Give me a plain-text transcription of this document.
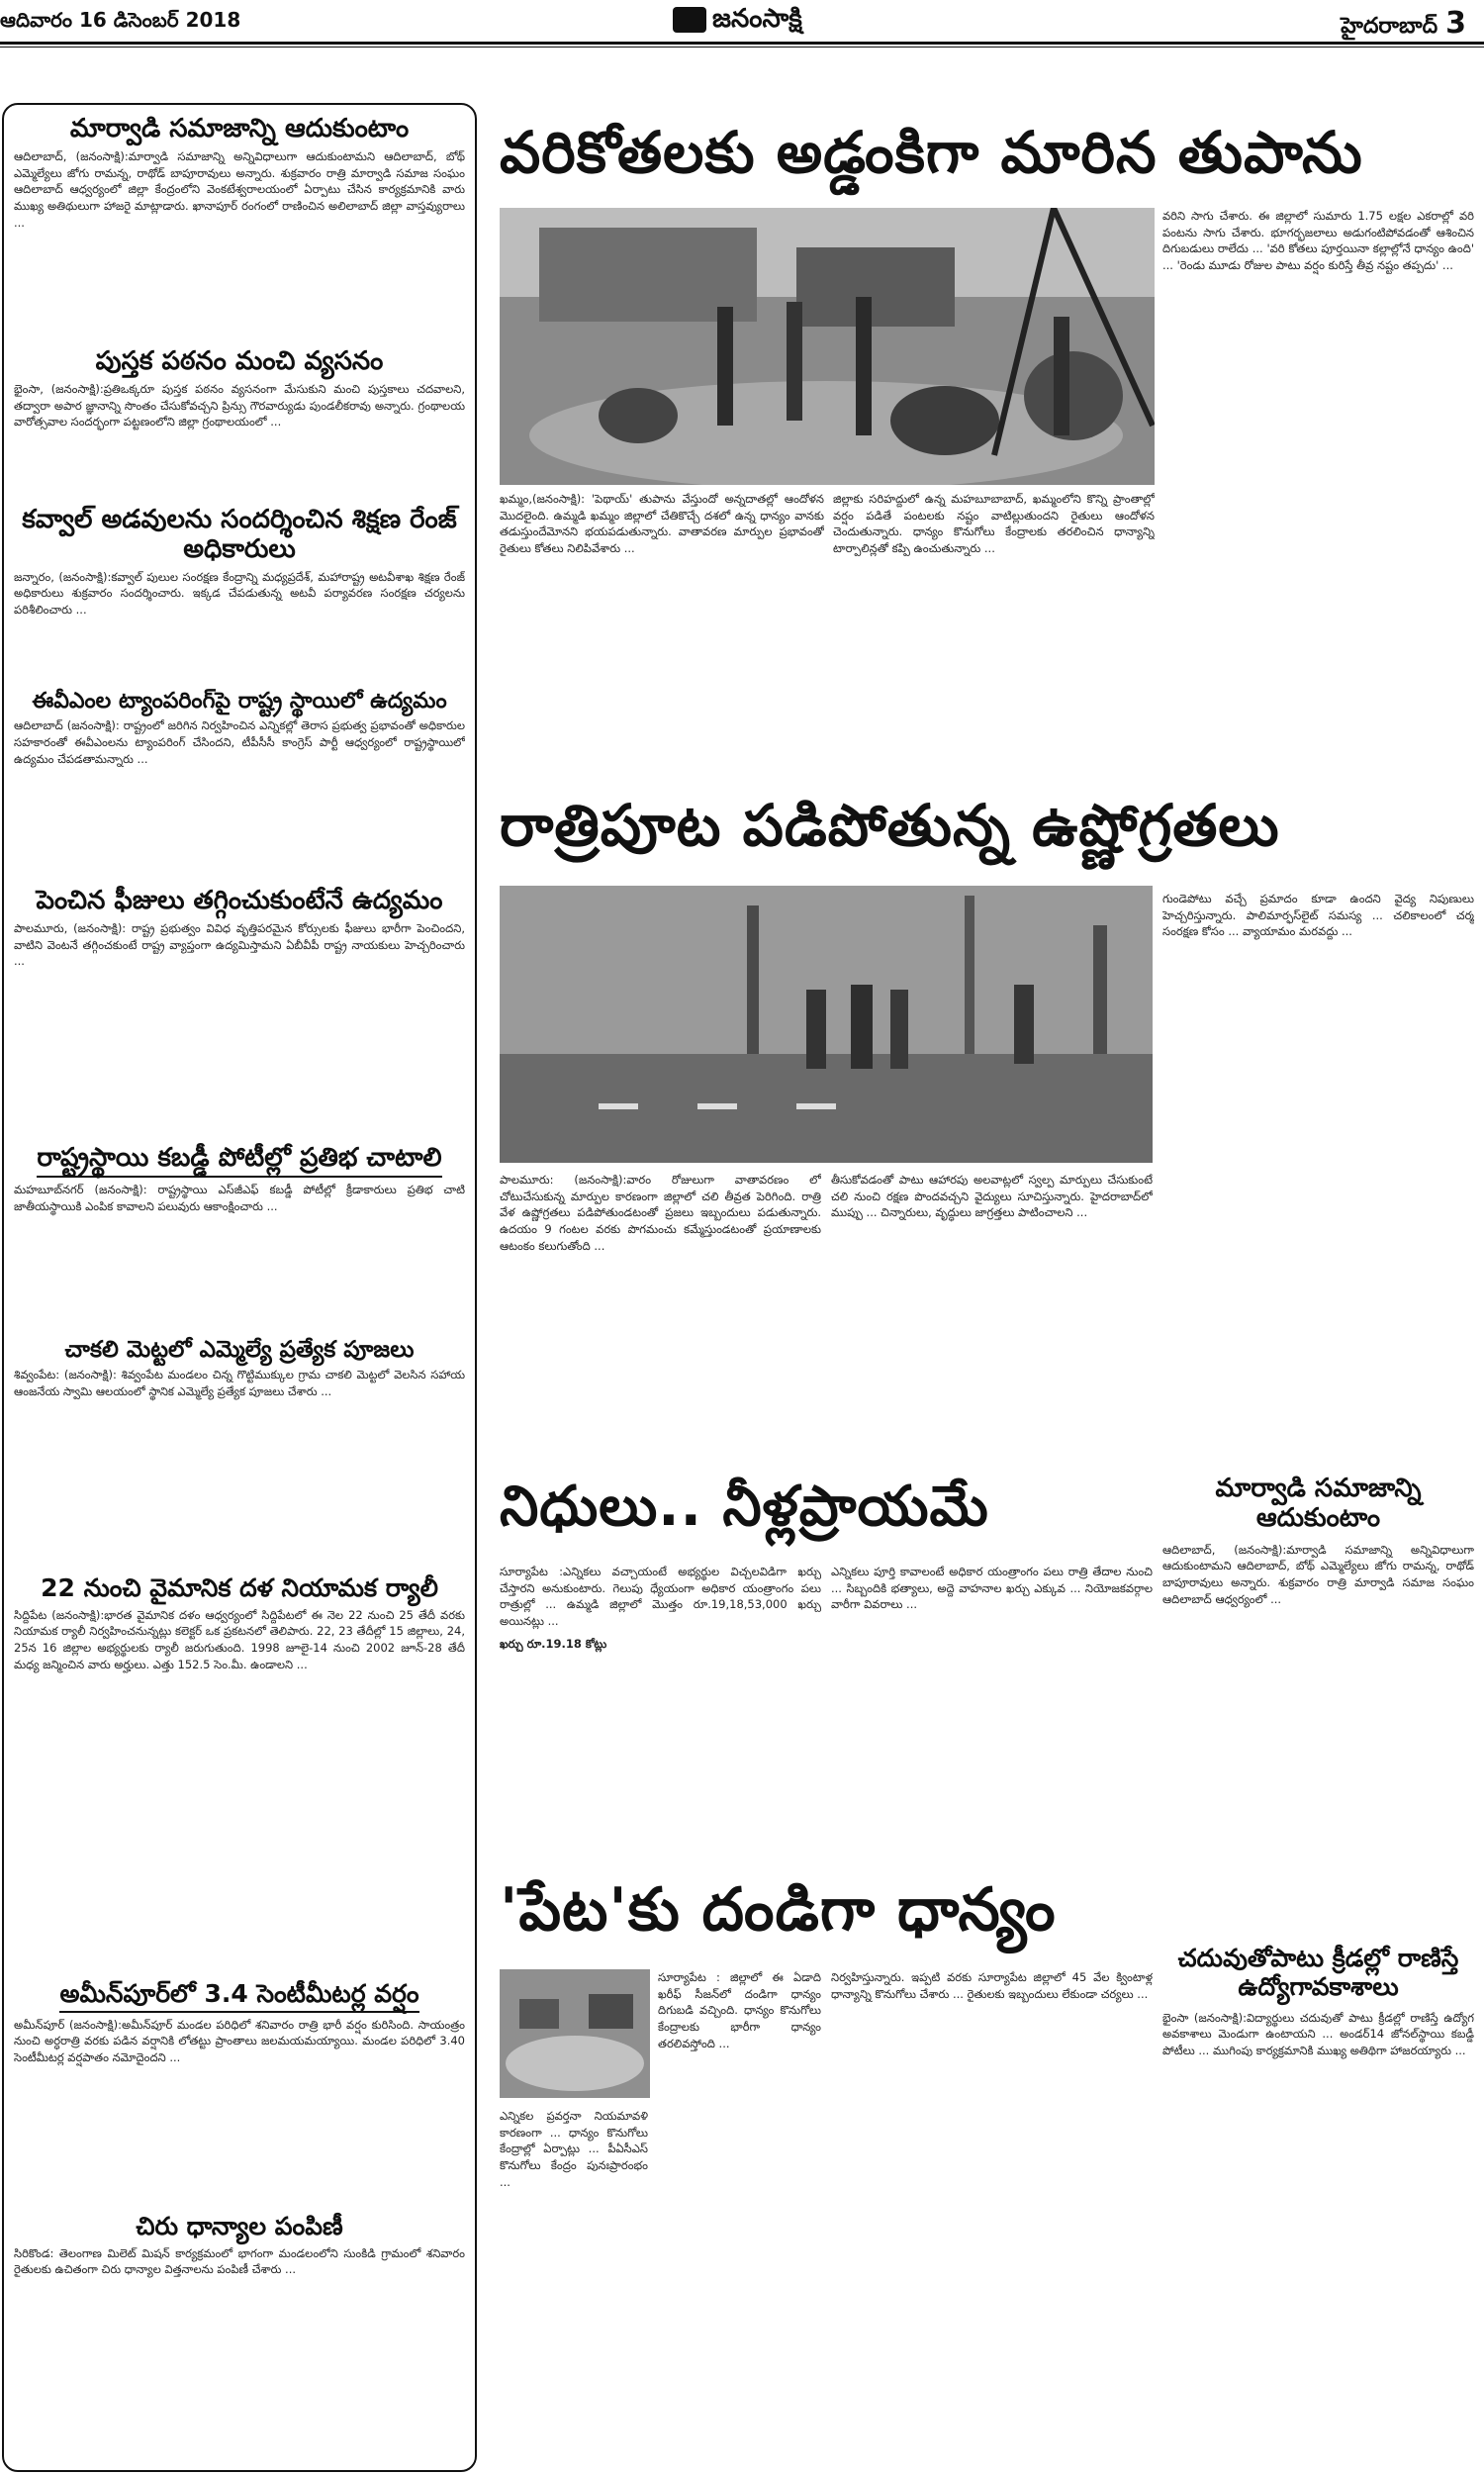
ఆదివారం 16 డిసెంబర్ 2018	జనంసాక్షి	హైదరాబాద్ 3
మార్వాడి సమాజాన్ని ఆదుకుంటాం
ఆదిలాబాద్, (జనంసాక్షి):మార్వాడి సమాజాన్ని అన్నివిధాలుగా ఆదుకుంటామని ఆదిలాబాద్, బోథ్ ఎమ్మెల్యేలు జోగు రామన్న, రాథోడ్ బాపూరావులు అన్నారు. శుక్రవారం రాత్రి మార్వాడి సమాజ సంఘం ఆదిలాబాద్ ఆధ్వర్యంలో జిల్లా కేంద్రంలోని వెంకటేశ్వరాలయంలో ఏర్పాటు చేసిన కార్యక్రమానికి వారు ముఖ్య అతిథులుగా హాజరై మాట్లాడారు. ఖానాపూర్ రంగంలో రాణించిన అలిలాబాద్ జిల్లా వాస్తవ్యురాలు ...
పుస్తక పఠనం మంచి వ్యసనం
భైంసా, (జనంసాక్షి):ప్రతిఒక్కరూ పుస్తక పఠనం వ్యసనంగా మేసుకుని మంచి పుస్తకాలు చదవాలని, తద్వారా అపార జ్ఞానాన్ని సొంతం చేసుకోవచ్చని ప్రిన్సు గౌరవార్యుడు పుండలీకరావు అన్నారు. గ్రంథాలయ వారోత్సవాల సందర్భంగా పట్టణంలోని జిల్లా గ్రంథాలయంలో ...
కవ్వాల్ అడవులను సందర్శించిన శిక్షణ రేంజ్ అధికారులు
జన్నారం, (జనంసాక్షి):కవ్వాల్ పులుల సంరక్షణ కేంద్రాన్ని మధ్యప్రదేశ్, మహారాష్ట్ర అటవీశాఖ శిక్షణ రేంజ్ అధికారులు శుక్రవారం సందర్శించారు. ఇక్కడ చేపడుతున్న అటవీ పర్యావరణ సంరక్షణ చర్యలను పరిశీలించారు ...
ఈవీఎంల ట్యాంపరింగ్‌పై రాష్ట్ర స్థాయిలో ఉద్యమం
ఆదిలాబాద్ (జనంసాక్షి): రాష్ట్రంలో జరిగిన నిర్వహించిన ఎన్నికల్లో తెరాస ప్రభుత్వ ప్రభావంతో అధికారుల సహకారంతో ఈవీఎంలను ట్యాంపరింగ్ చేసిందని, టీపీసీసీ కాంగ్రెస్ పార్టీ ఆధ్వర్యంలో రాష్ట్రస్థాయిలో ఉద్యమం చేపడతామన్నారు ...
పెంచిన ఫీజులు తగ్గించుకుంటేనే ఉద్యమం
పాలమూరు, (జనంసాక్షి): రాష్ట్ర ప్రభుత్వం వివిధ వృత్తిపరమైన కోర్సులకు ఫీజులు భారీగా పెంచిందని, వాటిని వెంటనే తగ్గించకుంటే రాష్ట్ర వ్యాప్తంగా ఉద్యమిస్తామని ఏబీవీపీ రాష్ట్ర నాయకులు హెచ్చరించారు ...
రాష్ట్రస్థాయి కబడ్డీ పోటీల్లో ప్రతిభ చాటాలి
మహబూబ్‌నగర్ (జనంసాక్షి): రాష్ట్రస్థాయి ఎస్‌జీఎఫ్ కబడ్డీ పోటీల్లో క్రీడాకారులు ప్రతిభ చాటి జాతీయస్థాయికి ఎంపిక కావాలని పలువురు ఆకాంక్షించారు ...
చాకలి మెట్టలో ఎమ్మెల్యే ప్రత్యేక పూజలు
శివ్వంపేట: (జనంసాక్షి): శివ్వంపేట మండలం చిన్న గొట్టిముక్కుల గ్రామ చాకలి మెట్టలో వెలసిన సహాయ ఆంజనేయ స్వామి ఆలయంలో స్థానిక ఎమ్మెల్యే ప్రత్యేక పూజలు చేశారు ...
22 నుంచి వైమానిక దళ నియామక ర్యాలీ
సిద్దిపేట (జనంసాక్షి):భారత వైమానిక దళం ఆధ్వర్యంలో సిద్దిపేటలో ఈ నెల 22 నుంచి 25 తేదీ వరకు నియామక ర్యాలీ నిర్వహించనున్నట్లు కలెక్టర్ ఒక ప్రకటనలో తెలిపారు. 22, 23 తేదీల్లో 15 జిల్లాలు, 24, 25న 16 జిల్లాల అభ్యర్థులకు ర్యాలీ జరుగుతుంది. 1998 జూలై-14 నుంచి 2002 జూన్-28 తేదీ మధ్య జన్మించిన వారు అర్హులు. ఎత్తు 152.5 సెం.మీ. ఉండాలని ...
అమీన్‌పూర్‌లో 3.4 సెంటీమీటర్ల వర్షం
అమీన్‌పూర్ (జనంసాక్షి):అమీన్‌పూర్ మండల పరిధిలో శనివారం రాత్రి భారీ వర్షం కురిసింది. సాయంత్రం నుంచి అర్ధరాత్రి వరకు పడిన వర్షానికి లోతట్టు ప్రాంతాలు జలమయమయ్యాయి. మండల పరిధిలో 3.40 సెంటీమీటర్ల వర్షపాతం నమోదైందని ...
చిరు ధాన్యాల పంపిణీ
సిరికొండ: తెలంగాణ మిలెట్ మిషన్ కార్యక్రమంలో భాగంగా మండలంలోని సుంకిడి గ్రామంలో శనివారం రైతులకు ఉచితంగా చిరు ధాన్యాల విత్తనాలను పంపిణీ చేశారు ...
వరికోతలకు అడ్డంకిగా మారిన తుపాను
ఖమ్మం,(జనంసాక్షి): 'పెథాయ్' తుపాను వేస్తుందో అన్నదాతల్లో ఆందోళన మొదలైంది. ఉమ్మడి ఖమ్మం జిల్లాలో చేతికొచ్చే దశలో ఉన్న ధాన్యం వానకు తడుస్తుందేమోనని భయపడుతున్నారు. వాతావరణ మార్పుల ప్రభావంతో రైతులు కోతలు నిలిపివేశారు ...
జిల్లాకు సరిహద్దులో ఉన్న మహబూబాబాద్, ఖమ్మంలోని కొన్ని ప్రాంతాల్లో వర్షం పడితే పంటలకు నష్టం వాటిల్లుతుందని రైతులు ఆందోళన చెందుతున్నారు. ధాన్యం కొనుగోలు కేంద్రాలకు తరలించిన ధాన్యాన్ని టార్పాలిన్లతో కప్పి ఉంచుతున్నారు ...
వరిని సాగు చేశారు. ఈ జిల్లాలో సుమారు 1.75 లక్షల ఎకరాల్లో వరి పంటను సాగు చేశారు. భూగర్భజలాలు అడుగంటిపోవడంతో ఆశించిన దిగుబడులు రాలేదు ... 'వరి కోతలు పూర్తయినా కల్లాల్లోనే ధాన్యం ఉంది' ... 'రెండు మూడు రోజుల పాటు వర్షం కురిస్తే తీవ్ర నష్టం తప్పదు' ...
రాత్రిపూట పడిపోతున్న ఉష్ణోగ్రతలు
పాలమూరు: (జనంసాక్షి):వారం రోజులుగా వాతావరణం లో చోటుచేసుకున్న మార్పుల కారణంగా జిల్లాలో చలి తీవ్రత పెరిగింది. రాత్రి వేళ ఉష్ణోగ్రతలు పడిపోతుండటంతో ప్రజలు ఇబ్బందులు పడుతున్నారు. ఉదయం 9 గంటల వరకు పొగమంచు కమ్మేస్తుండటంతో ప్రయాణాలకు ఆటంకం కలుగుతోంది ...
తీసుకోవడంతో పాటు ఆహారపు అలవాట్లలో స్వల్ప మార్పులు చేసుకుంటే చలి నుంచి రక్షణ పొందవచ్చని వైద్యులు సూచిస్తున్నారు. హైదరాబాద్‌లో ముప్పు ... చిన్నారులు, వృద్ధులు జాగ్రత్తలు పాటించాలని ...
గుండెపోటు వచ్చే ప్రమాదం కూడా ఉందని వైద్య నిపుణులు హెచ్చరిస్తున్నారు. పాలిమార్ఫస్‌లైట్ సమస్య ... చలికాలంలో చర్మ సంరక్షణ కోసం ... వ్యాయామం మరవద్దు ...
నిధులు.. నీళ్లప్రాయమే
సూర్యాపేట :ఎన్నికలు వచ్చాయంటే అభ్యర్థుల విచ్చలవిడిగా ఖర్చు చేస్తారని అనుకుంటారు. గెలుపు ధ్యేయంగా అధికార యంత్రాంగం పలు రాత్రుల్లో ... ఉమ్మడి జిల్లాలో మొత్తం రూ.19,18,53,000 ఖర్చు అయినట్లు ...
ఖర్చు రూ.19.18 కోట్లు
ఎన్నికలు పూర్తి కావాలంటే అధికార యంత్రాంగం పలు రాత్రి తేదాల నుంచి ... సిబ్బందికి భత్యాలు, అద్దె వాహనాల ఖర్చు ఎక్కువ ... నియోజకవర్గాల వారీగా వివరాలు ...
మార్వాడి సమాజాన్ని ఆదుకుంటాం
ఆదిలాబాద్, (జనంసాక్షి):మార్వాడి సమాజాన్ని అన్నివిధాలుగా ఆదుకుంటామని ఆదిలాబాద్, బోథ్ ఎమ్మెల్యేలు జోగు రామన్న, రాథోడ్ బాపూరావులు అన్నారు. శుక్రవారం రాత్రి మార్వాడి సమాజ సంఘం ఆదిలాబాద్ ఆధ్వర్యంలో ...
చదువుతోపాటు క్రీడల్లో రాణిస్తే ఉద్యోగావకాశాలు
భైంసా (జనంసాక్షి):విద్యార్థులు చదువుతో పాటు క్రీడల్లో రాణిస్తే ఉద్యోగ అవకాశాలు మెండుగా ఉంటాయని ... అండర్14 జోనల్‌స్థాయి కబడ్డీ పోటీలు ... ముగింపు కార్యక్రమానికి ముఖ్య అతిథిగా హాజరయ్యారు ...
'పేట'కు దండిగా ధాన్యం
సూర్యాపేట : జిల్లాలో ఈ ఏడాది ఖరీఫ్ సీజన్‌లో దండిగా ధాన్యం దిగుబడి వచ్చింది. ధాన్యం కొనుగోలు కేంద్రాలకు భారీగా ధాన్యం తరలివస్తోంది ...
నిర్వహిస్తున్నారు. ఇప్పటి వరకు సూర్యాపేట జిల్లాలో 45 వేల క్వింటాళ్ల ధాన్యాన్ని కొనుగోలు చేశారు ... రైతులకు ఇబ్బందులు లేకుండా చర్యలు ...
ఎన్నికల ప్రవర్తనా నియమావళి కారణంగా ... ధాన్యం కొనుగోలు కేంద్రాల్లో ఏర్పాట్లు ... పీఏసీఎస్ కొనుగోలు కేంద్రం పునఃప్రారంభం ...
